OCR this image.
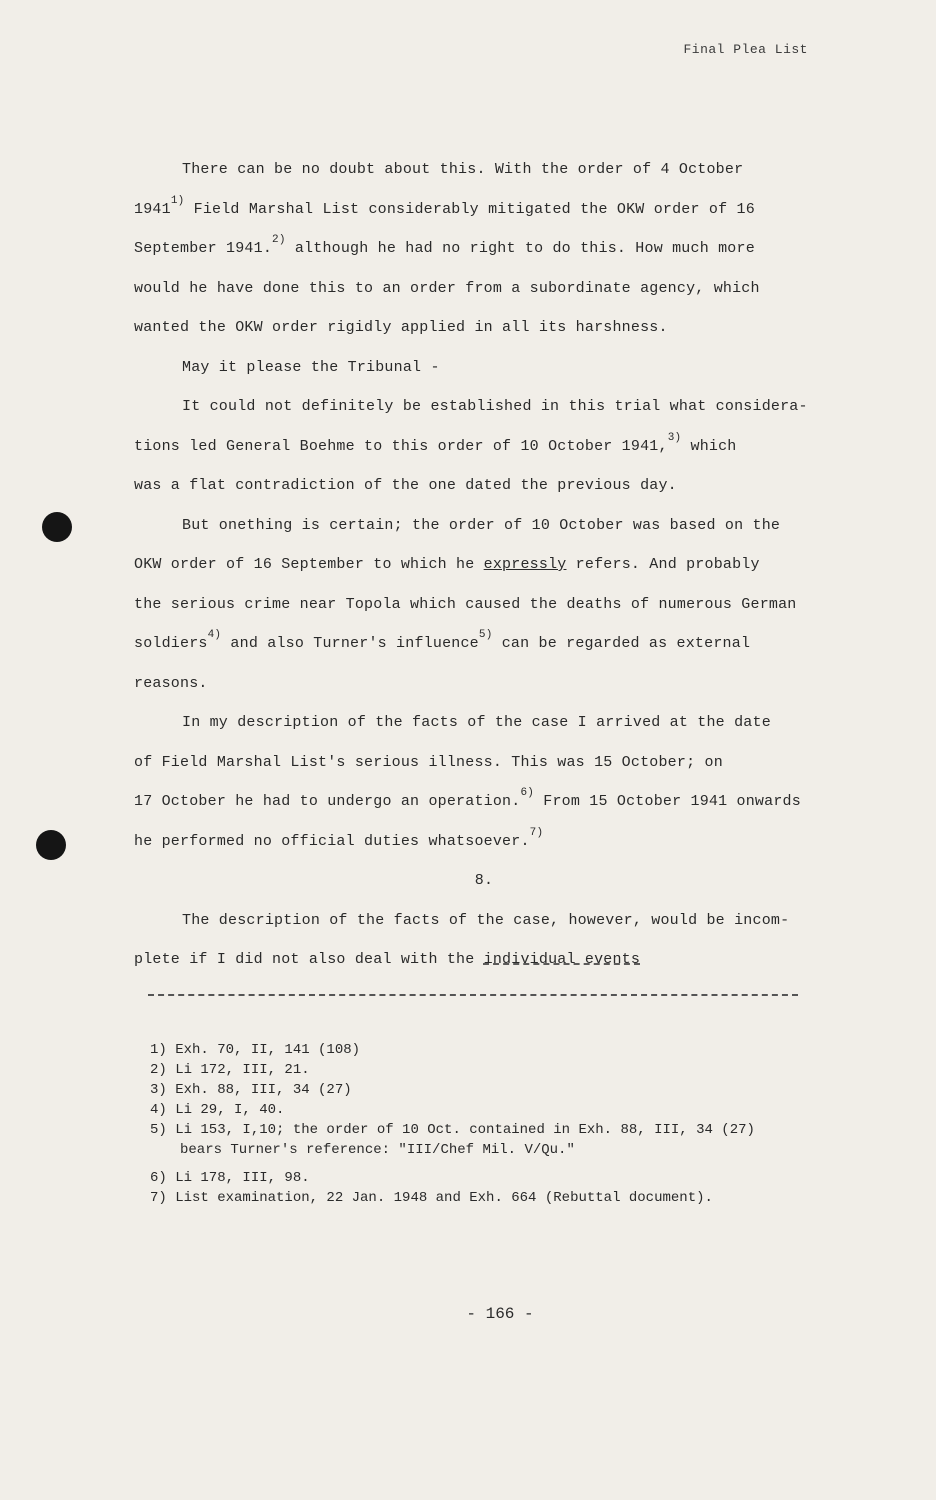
Final Plea List
There can be no doubt about this. With the order of 4 October
1941$^{1)}$ Field Marshal List considerably mitigated the OKW order of 16
September 1941.$^{2)}$ although he had no right to do this. How much more
would he have done this to an order from a subordinate agency, which
wanted the OKW order rigidly applied in all its harshness.
May it please the Tribunal -
It could not definitely be established in this trial what considera-
tions led General Boehme to this order of 10 October 1941,$^{3)}$ which
was a flat contradiction of the one dated the previous day.
But onething is certain; the order of 10 October was based on the
OKW order of 16 September to which he expressly refers. And probably
the serious crime near Topola which caused the deaths of numerous German
soldiers$^{4)}$ and also Turner's influence$^{5)}$ can be regarded as external
reasons.
In my description of the facts of the case I arrived at the date
of Field Marshal List's serious illness. This was 15 October; on
17 October he had to undergo an operation.$^{6)}$ From 15 October 1941 onwards
he performed no official duties whatsoever.$^{7)}$
8.
The description of the facts of the case, however, would be incom-
plete if I did not also deal with the individual events
1) Exh. 70, II, 141 (108)
2) Li 172, III, 21.
3) Exh. 88, III, 34 (27)
4) Li 29, I, 40.
5) Li 153, I,10; the order of 10 Oct. contained in Exh. 88, III, 34 (27)
bears Turner's reference: "III/Chef Mil. V/Qu."
6) Li 178, III, 98.
7) List examination, 22 Jan. 1948 and Exh. 664 (Rebuttal document).
- 166 -
